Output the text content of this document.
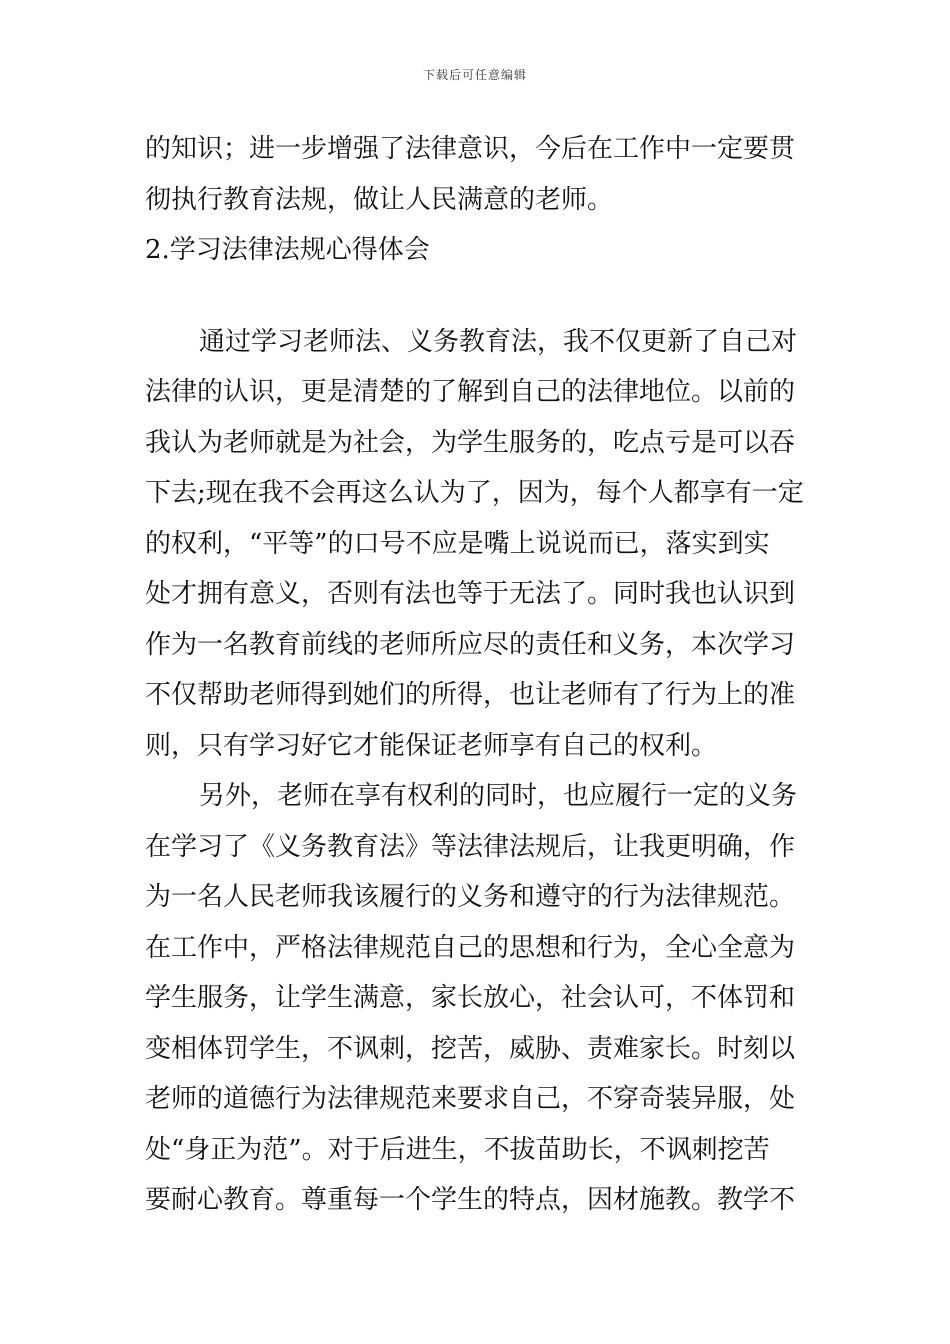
下载后可任意编辑
的知识；进一步增强了法律意识，今后在工作中一定要贯
彻执行教育法规，做让人民满意的老师。
2.学习法律法规心得体会
通过学习老师法、义务教育法，我不仅更新了自己对
法律的认识，更是清楚的了解到自己的法律地位。以前的
我认为老师就是为社会，为学生服务的，吃点亏是可以吞
下去;现在我不会再这么认为了，因为，每个人都享有一定
的权利，“平等”的口号不应是嘴上说说而已，落实到实
处才拥有意义，否则有法也等于无法了。同时我也认识到
作为一名教育前线的老师所应尽的责任和义务，本次学习
不仅帮助老师得到她们的所得，也让老师有了行为上的准
则，只有学习好它才能保证老师享有自己的权利。
另外，老师在享有权利的同时，也应履行一定的义务
在学习了《义务教育法》等法律法规后，让我更明确，作
为一名人民老师我该履行的义务和遵守的行为法律规范。
在工作中，严格法律规范自己的思想和行为，全心全意为
学生服务，让学生满意，家长放心，社会认可，不体罚和
变相体罚学生，不讽刺，挖苦，威胁、责难家长。时刻以
老师的道德行为法律规范来要求自己，不穿奇装异服，处
处“身正为范”。对于后进生，不拔苗助长，不讽刺挖苦
要耐心教育。尊重每一个学生的特点，因材施教。教学不
